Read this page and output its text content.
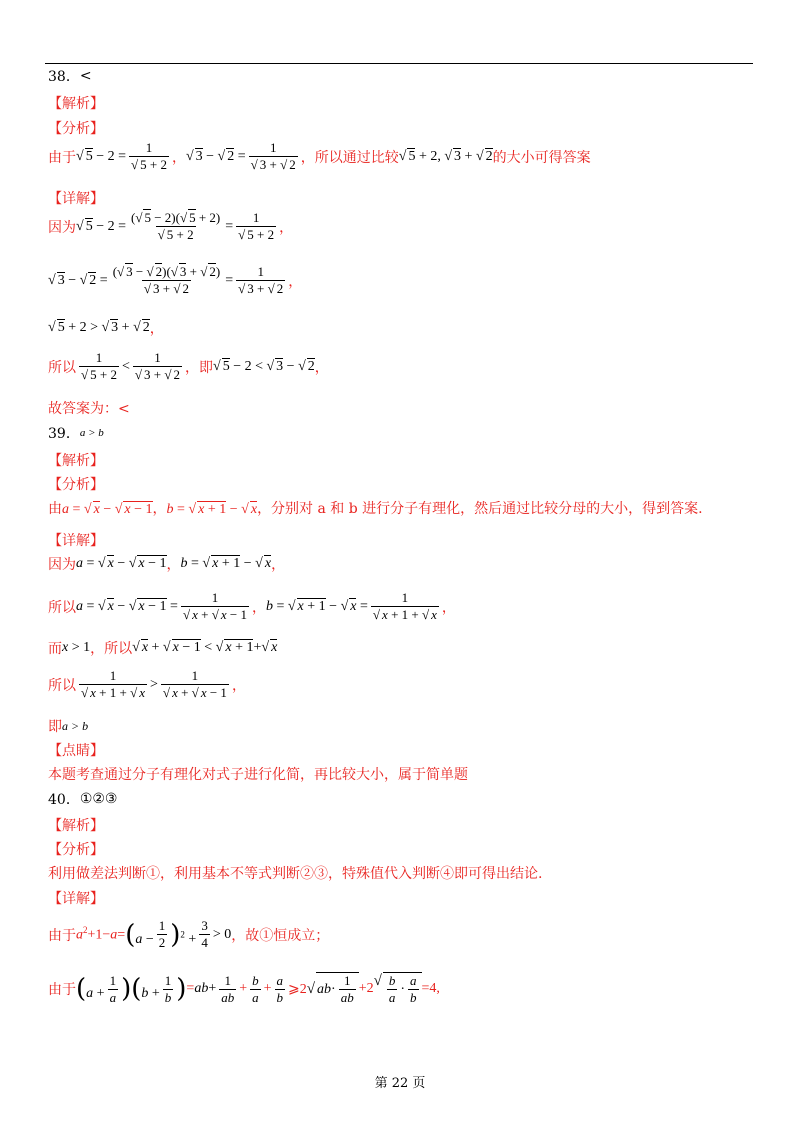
38． <
【解析】
【分析】
由于 √ $5 - 2 = \frac{1}{√ 5 + 2}$ ， √ 3 − √ $2 = \frac{1}{√ 3 + √ 2}$ ，所以通过比较 √ 5 + 2, √ 3 + √ 2 的大小可得答案
【详解】
因为 √ $5 - 2 = \frac{(√ 5 - 2)(√ 5 + 2)}{√ 5 + 2} = \frac{1}{√ 5 + 2}$ ，
√ 3 − √ $2 = \frac{(√ 3 - √ 2)(√ 3 + √ 2)}{√ 3 + √ 2} = \frac{1}{√ 3 + √ 2}$ ，
√ 5 + 2 > √ 3 + √ 2 ，
所以 $\frac{1}{√ 5 + 2} < \frac{1}{√ 3 + √ 2}$ ，即 √ 5 − 2 < √ 3 − √ 2 ，
故答案为：<
39． a > b
【解析】
【分析】
由 a = √ x − √ x − 1，b = √ x + 1 − √ x ，分别对 a 和 b 进行分子有理化，然后通过比较分母的大小，得到答案.
【详解】
因为 a = √ x − √ x − 1 ， b = √ x + 1 − √ x ，
所以 a = √ x − √ $x - 1 = \frac{1}{√ x + √ x - 1}$ ， b = √ x + 1 − √ $x = \frac{1}{√ x + 1 + √ x}$ ，
而 x > 1 ，所以 √ x + √ x − 1 < √ x + 1+√ x
所以 $\frac{1}{√ x + 1 + √ x} > \frac{1}{√ x + √ x - 1}$ ，
即 a > b
【点睛】
本题考查通过分子有理化对式子进行化简，再比较大小，属于简单题
40． ①②③
【解析】
【分析】
利用做差法判断①，利用基本不等式判断②③，特殊值代入判断④即可得出结论.
【详解】
由于 $a^2+1-a= (a - \frac{1}{2} )^2 + \frac{3}{4} > 0$ ，故①恒成立；
由于 $(a + \frac{1}{a} )(b + \frac{1}{b}$ ) = ab + $\frac{1}{ab} + \frac{b}{a} + \frac{a}{b}$ ⩾2 √ ab · $\frac{1}{ab} +2$ √ $\frac{b}{a} \cdot \frac{a}{b} =4$,
第 22 页
